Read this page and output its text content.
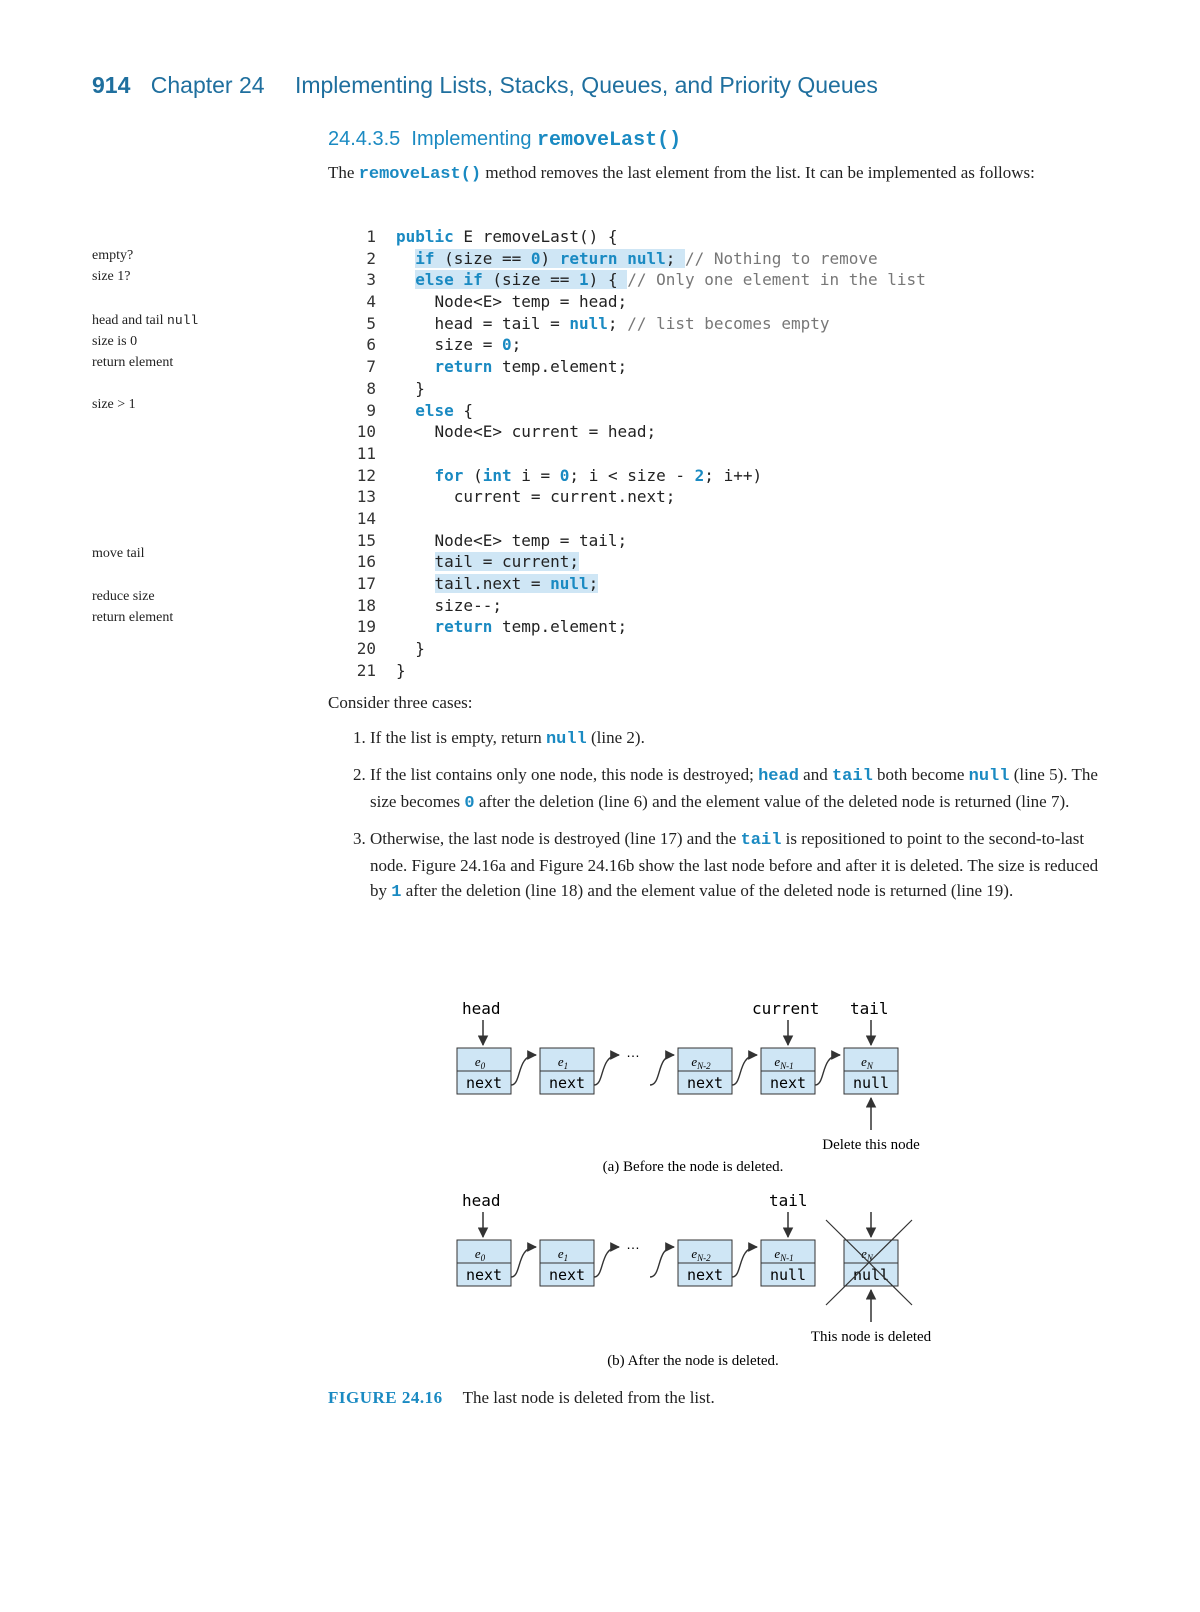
914 Chapter 24 Implementing Lists, Stacks, Queues, and Priority Queues
24.4.3.5 Implementing removeLast()
The removeLast() method removes the last element from the list. It can be implemented as follows:
empty?
size 1?
head and tail null
size is 0
return element
size > 1
move tail
reduce size
return element
1 public E removeLast() {
2 if (size == 0) return null; // Nothing to remove
3 else if (size == 1) { // Only one element in the list
4	Node<E> temp = head;
5	head = tail = null; // list becomes empty
6	size = 0;
7	return temp.element;
8 }
9 else {
10	Node<E> current = head;
11
12	for (int i = 0; i < size - 2; i++)
13	current = current.next;
14
15	Node<E> temp = tail;
16	tail = current;
17	tail.next = null;
18	size--;
19	return temp.element;
20 }
21 }
Consider three cases:
1. If the list is empty, return null (line 2).
2. If the list contains only one node, this node is destroyed; head and tail both become null (line 5). The size becomes 0 after the deletion (line 6) and the element value of the deleted node is returned (line 7).
3. Otherwise, the last node is destroyed (line 17) and the tail is repositioned to point to the second-to-last node. Figure 24.16a and Figure 24.16b show the last node before and after it is deleted. The size is reduced by 1 after the deletion (line 18) and the element value of the deleted node is returned (line 19).
head	current tail
$e_0$
next
$e_1$
next
$e_{N-2}$
next
$e_{N-1}$
next
$e_N$
null
…
Delete this node
(a) Before the node is deleted.
head	tail
$e_0$
next
$e_1$
next
$e_{N-2}$
next
$e_{N-1}$
null
$e_N$
null
…
This node is deleted
(b) After the node is deleted.
FIGURE 24.16 The last node is deleted from the list.
